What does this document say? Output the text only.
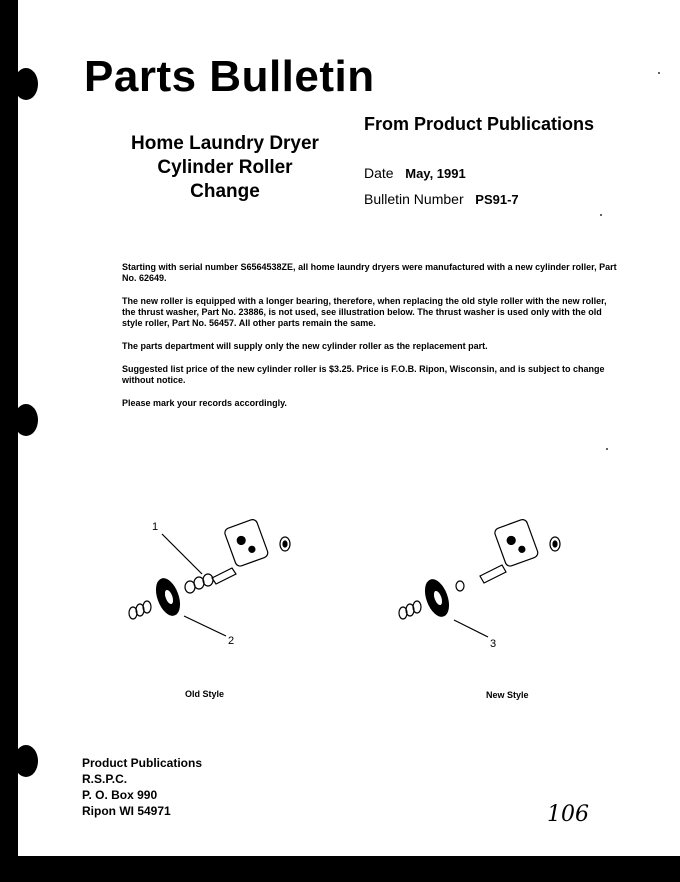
Parts Bulletin
From Product Publications
Home Laundry Dryer
Cylinder Roller
Change
Date May, 1991
Bulletin Number PS91-7

Starting with serial number S6564538ZE, all home laundry dryers were manufactured with a new cylinder roller, Part No. 62649.

The new roller is equipped with a longer bearing, therefore, when replacing the old style roller with the new roller, the thrust washer, Part No. 23886, is not used, see illustration below. The thrust washer is used only with the old style roller, Part No. 56457. All other parts remain the same.

The parts department will supply only the new cylinder roller as the replacement part.

Suggested list price of the new cylinder roller is $3.25. Price is F.O.B. Ripon, Wisconsin, and is subject to change without notice.

Please mark your records accordingly.

1
2	3
Old Style	New Style
Product Publications
R.S.P.C.
P. O. Box 990
Ripon WI 54971	106
